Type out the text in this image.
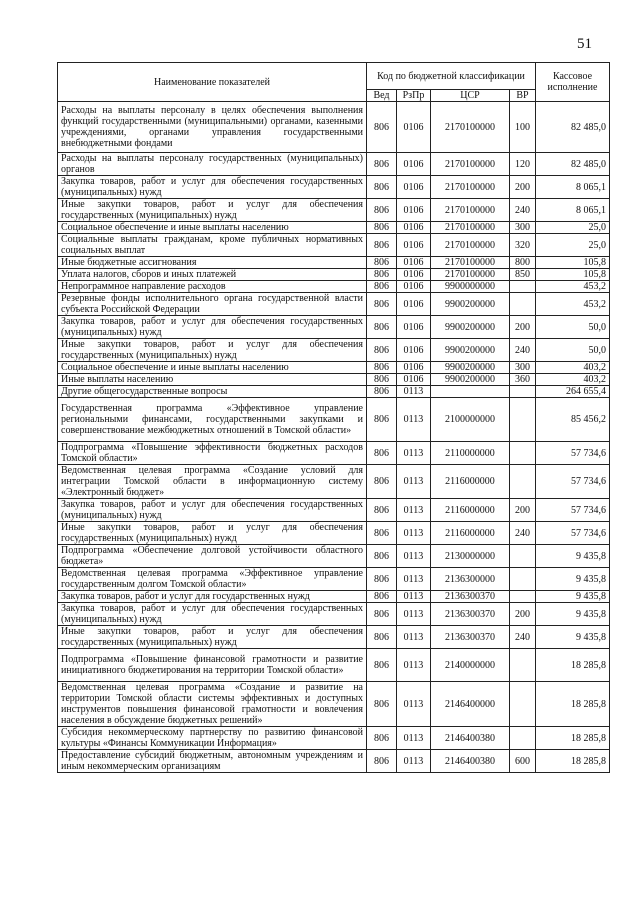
51
Наименование показателей	Код по бюджетной классификации				Кассовое исполнение
	Вед	РзПр	ЦСР	ВР	
Расходы на выплаты персоналу в целях обеспечения выполнения функций государственными (муниципальными) органами, казенными учреждениями, органами управления государственными внебюджетными фондами	806	0106	2170100000	100	82 485,0
Расходы на выплаты персоналу государственных (муниципальных) органов	806	0106	2170100000	120	82 485,0
Закупка товаров, работ и услуг для обеспечения государственных (муниципальных) нужд	806	0106	2170100000	200	8 065,1
Иные закупки товаров, работ и услуг для обеспечения государственных (муниципальных) нужд	806	0106	2170100000	240	8 065,1
Социальное обеспечение и иные выплаты населению	806	0106	2170100000	300	25,0
Социальные выплаты гражданам, кроме публичных нормативных социальных выплат	806	0106	2170100000	320	25,0
Иные бюджетные ассигнования	806	0106	2170100000	800	105,8
Уплата налогов, сборов и иных платежей	806	0106	2170100000	850	105,8
Непрограммное направление расходов	806	0106	9900000000		453,2
Резервные фонды исполнительного органа государственной власти субъекта Российской Федерации	806	0106	9900200000		453,2
Закупка товаров, работ и услуг для обеспечения государственных (муниципальных) нужд	806	0106	9900200000	200	50,0
Иные закупки товаров, работ и услуг для обеспечения государственных (муниципальных) нужд	806	0106	9900200000	240	50,0
Социальное обеспечение и иные выплаты населению	806	0106	9900200000	300	403,2
Иные выплаты населению	806	0106	9900200000	360	403,2
Другие общегосударственные вопросы	806	0113			264 655,4
Государственная программа «Эффективное управление региональными финансами, государственными закупками и совершенствование межбюджетных отношений в Томской области»	806	0113	2100000000		85 456,2
Подпрограмма «Повышение эффективности бюджетных расходов Томской области»	806	0113	2110000000		57 734,6
Ведомственная целевая программа «Создание условий для интеграции Томской области в информационную систему «Электронный бюджет»	806	0113	2116000000		57 734,6
Закупка товаров, работ и услуг для обеспечения государственных (муниципальных) нужд	806	0113	2116000000	200	57 734,6
Иные закупки товаров, работ и услуг для обеспечения государственных (муниципальных) нужд	806	0113	2116000000	240	57 734,6
Подпрограмма «Обеспечение долговой устойчивости областного бюджета»	806	0113	2130000000		9 435,8
Ведомственная целевая программа «Эффективное управление государственным долгом Томской области»	806	0113	2136300000		9 435,8
Закупка товаров, работ и услуг для государственных нужд	806	0113	2136300370		9 435,8
Закупка товаров, работ и услуг для обеспечения государственных (муниципальных) нужд	806	0113	2136300370	200	9 435,8
Иные закупки товаров, работ и услуг для обеспечения государственных (муниципальных) нужд	806	0113	2136300370	240	9 435,8
Подпрограмма «Повышение финансовой грамотности и развитие инициативного бюджетирования на территории Томской области»	806	0113	2140000000		18 285,8
Ведомственная целевая программа «Создание и развитие на территории Томской области системы эффективных и доступных инструментов повышения финансовой грамотности и вовлечения населения в обсуждение бюджетных решений»	806	0113	2146400000		18 285,8
Субсидия некоммерческому партнерству по развитию финансовой культуры «Финансы Коммуникации Информация»	806	0113	2146400380		18 285,8
Предоставление субсидий бюджетным, автономным учреждениям и иным некоммерческим организациям	806	0113	2146400380	600	18 285,8
